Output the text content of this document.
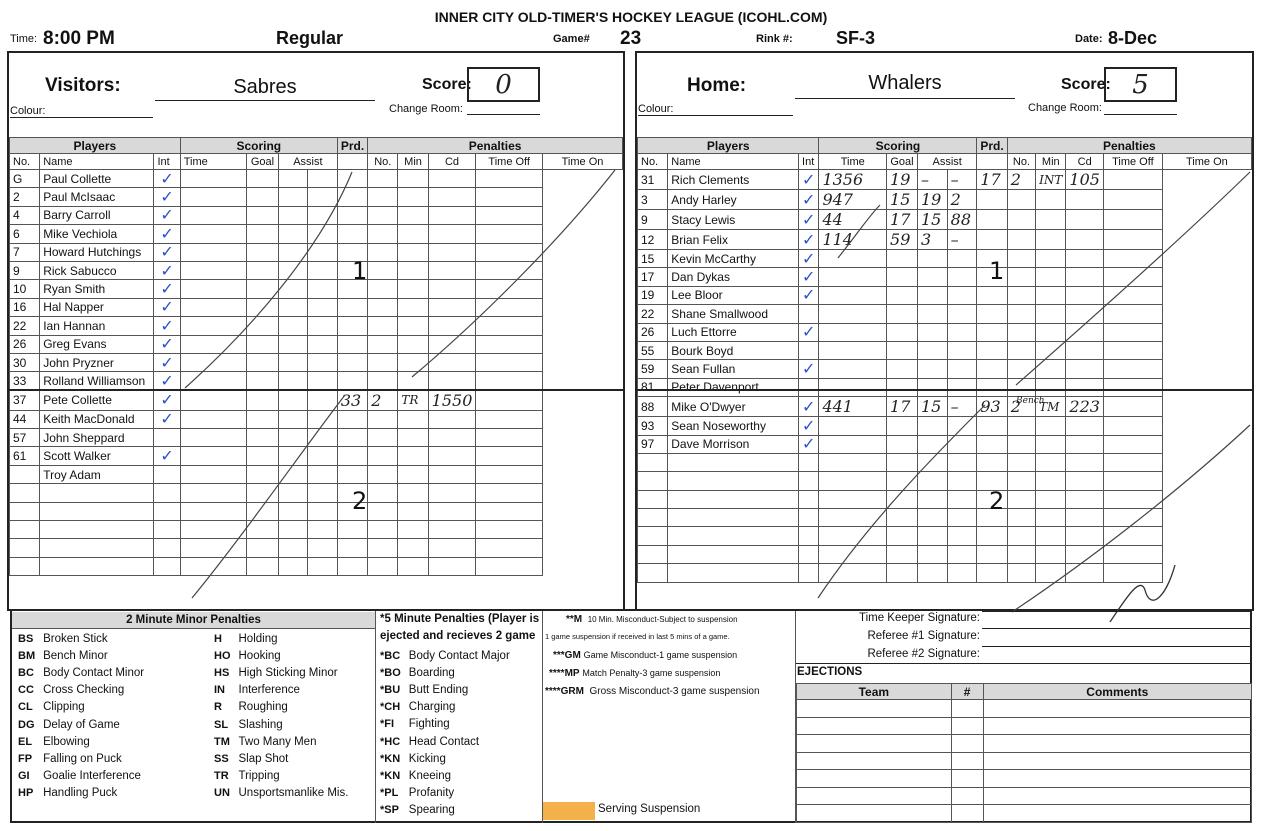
INNER CITY OLD-TIMER'S HOCKEY LEAGUE (ICOHL.COM)
Time: 8:00 PM	Regular	Game# 23	Rink #: SF-3	Date: 8-Dec
Visitors:	Sabres	Score: 0
Colour:	Change Room:
Home:	Whalers	Score: 5
Colour:	Change Room:
Players			Scoring				Prd.	Penalties				
No.	Name	Int	Time	Goal	Assist			No.	Min	Cd	Time Off	Time On
G	Paul Collette	✓										
2	Paul McIsaac	✓										
4	Barry Carroll	✓										
6	Mike Vechiola	✓										
7	Howard Hutchings	✓										
9	Rick Sabucco	✓										
10	Ryan Smith	✓										
16	Hal Napper	✓										
22	Ian Hannan	✓										
26	Greg Evans	✓										
30	John Pryzner	✓										
33	Rolland Williamson	✓										
37	Pete Collette	✓					33	2	TR	1550		
44	Keith MacDonald	✓										
57	John Sheppard											
61	Scott Walker	✓										
	Troy Adam											

Players			Scoring				Prd.	Penalties				
No.	Name	Int	Time	Goal	Assist			No.	Min	Cd	Time Off	Time On
31	Rich Clements	✓	1356	19	–	–	17	2	INT	105		
3	Andy Harley	✓	947	15	19	2						
9	Stacy Lewis	✓	44	17	15	88						
12	Brian Felix	✓	114	59	3	–						
15	Kevin McCarthy	✓										
17	Dan Dykas	✓										
19	Lee Bloor	✓										
22	Shane Smallwood											
26	Luch Ettorre	✓										
55	Bourk Boyd											
59	Sean Fullan	✓										
81	Peter Davenport											
88	Mike O'Dwyer	✓	441	17	15	–	93	2	TM	223		
93	Sean Noseworthy	✓										
97	Dave Morrison	✓										

1
2
1
2
Bench
2 Minute Minor Penalties
BS	Broken Stick
BM	Bench Minor
BC	Body Contact Minor
CC	Cross Checking
CL	Clipping
DG	Delay of Game
EL	Elbowing
FP	Falling on Puck
GI	Goalie Interference
HP	Handling Puck
H	Holding
HO	Hooking
HS	High Sticking Minor
IN	Interference
R	Roughing
SL	Slashing
TM	Two Many Men
SS	Slap Shot
TR	Tripping
UN	Unsportsmanlike Mis.
*5 Minute Penalties (Player is
ejected and recieves 2 game
*BC	Body Contact Major
*BO	Boarding
*BU	Butt Ending
*CH	Charging
*FI	Fighting
*HC	Head Contact
*KN	Kicking
*KN	Kneeing
*PL	Profanity
*SP	Spearing
**M 10 Min. Misconduct-Subject to suspension
1 game suspension if received in last 5 mins of a game.
***GM Game Misconduct-1 game suspension
****MP Match Penalty-3 game suspension
****GRM Gross Misconduct-3 game suspension
Serving Suspension
Time Keeper Signature:
Referee #1 Signature:
Referee #2 Signature:
EJECTIONS
Team	#	Comments
